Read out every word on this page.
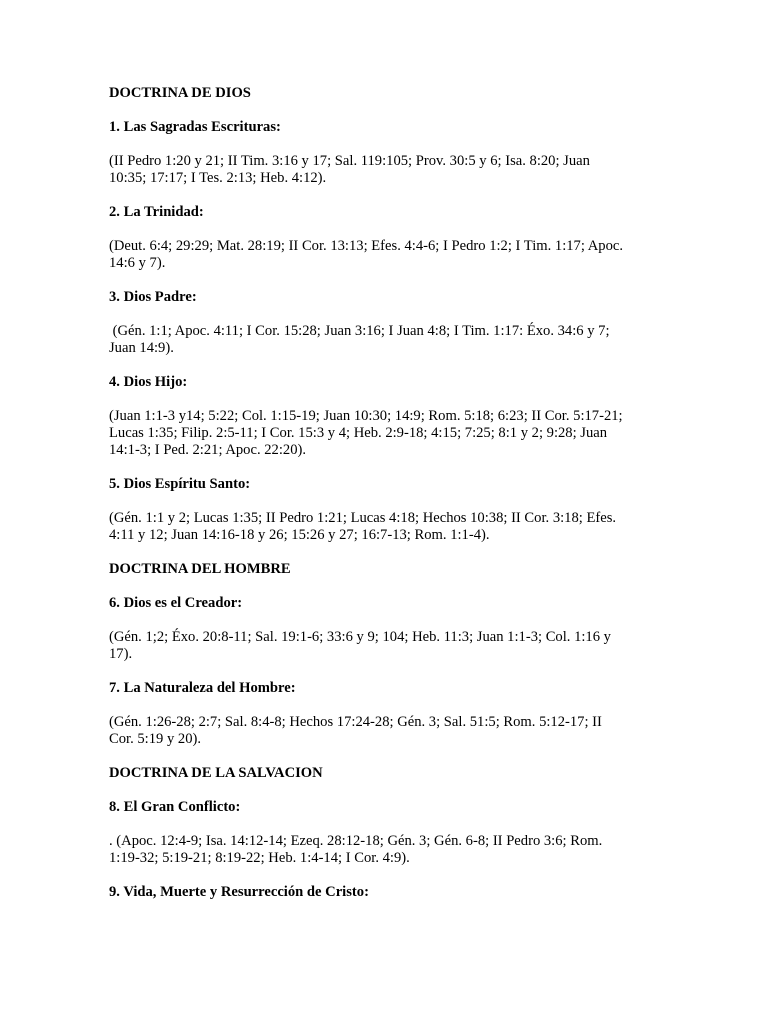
DOCTRINA DE DIOS

1. Las Sagradas Escrituras:

(II Pedro 1:20 y 21; II Tim. 3:16 y 17; Sal. 119:105; Prov. 30:5 y 6; Isa. 8:20; Juan

10:35; 17:17; I Tes. 2:13; Heb. 4:12).

2. La Trinidad:

(Deut. 6:4; 29:29; Mat. 28:19; II Cor. 13:13; Efes. 4:4-6; I Pedro 1:2; I Tim. 1:17; Apoc.

14:6 y 7).

3. Dios Padre:

(Gén. 1:1; Apoc. 4:11; I Cor. 15:28; Juan 3:16; I Juan 4:8; I Tim. 1:17: Éxo. 34:6 y 7;

Juan 14:9).

4. Dios Hijo:

(Juan 1:1-3 y14; 5:22; Col. 1:15-19; Juan 10:30; 14:9; Rom. 5:18; 6:23; II Cor. 5:17-21;

Lucas 1:35; Filip. 2:5-11; I Cor. 15:3 y 4; Heb. 2:9-18; 4:15; 7:25; 8:1 y 2; 9:28; Juan

14:1-3; I Ped. 2:21; Apoc. 22:20).

5. Dios Espíritu Santo:

(Gén. 1:1 y 2; Lucas 1:35; II Pedro 1:21; Lucas 4:18; Hechos 10:38; II Cor. 3:18; Efes.

4:11 y 12; Juan 14:16-18 y 26; 15:26 y 27; 16:7-13; Rom. 1:1-4).

DOCTRINA DEL HOMBRE

6. Dios es el Creador:

(Gén. 1;2; Éxo. 20:8-11; Sal. 19:1-6; 33:6 y 9; 104; Heb. 11:3; Juan 1:1-3; Col. 1:16 y

17).

7. La Naturaleza del Hombre:

(Gén. 1:26-28; 2:7; Sal. 8:4-8; Hechos 17:24-28; Gén. 3; Sal. 51:5; Rom. 5:12-17; II

Cor. 5:19 y 20).

DOCTRINA DE LA SALVACION

8. El Gran Conflicto:

. (Apoc. 12:4-9; Isa. 14:12-14; Ezeq. 28:12-18; Gén. 3; Gén. 6-8; II Pedro 3:6; Rom.

1:19-32; 5:19-21; 8:19-22; Heb. 1:4-14; I Cor. 4:9).

9. Vida, Muerte y Resurrección de Cristo:
